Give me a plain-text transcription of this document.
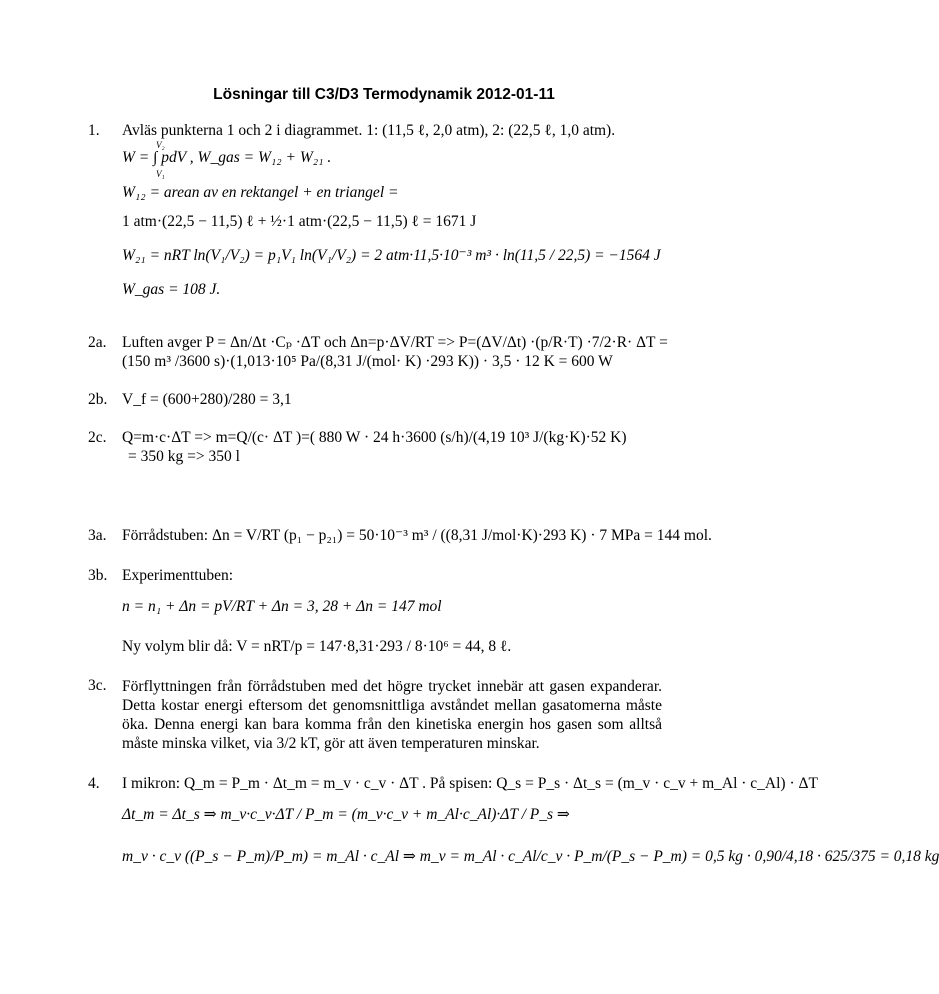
Lösningar till C3/D3 Termodynamik 2012-01-11
1. Avläs punkterna 1 och 2 i diagrammet. 1: (11,5 ℓ, 2,0 atm), 2: (22,5 ℓ, 1,0 atm).
V₂
W = ∫ pdV , W_gas = W₁₂ + W₂₁ .
V₁
W₁₂ = arean av en rektangel + en triangel =
1 atm·(22,5 − 11,5) ℓ + ½·1 atm·(22,5 − 11,5) ℓ = 1671 J
W₂₁ = nRT ln(V₁/V₂) = p₁V₁ ln(V₁/V₂) = 2 atm·11,5·10⁻³ m³ · ln(11,5 / 22,5) = −1564 J
W_gas = 108 J.
2a. Luften avger P = Δn/Δt ·Cₚ ·ΔT och Δn=p·ΔV/RT => P=(ΔV/Δt) ·(p/R·T) ·7/2·R· ΔT =
(150 m³ /3600 s)·(1,013·10⁵ Pa/(8,31 J/(mol· K) ·293 K)) · 3,5 · 12 K = 600 W
2b. V_f = (600+280)/280 = 3,1
2c. Q=m·c·ΔT => m=Q/(c· ΔT )=( 880 W · 24 h·3600 (s/h)/(4,19 10³ J/(kg·K)·52 K)
= 350 kg => 350 l
3a. Förrådstuben: Δn = V/RT (p₁ − p₂₁) = 50·10⁻³ m³ / ((8,31 J/mol·K)·293 K) · 7 MPa = 144 mol.
3b. Experimenttuben:
n = n₁ + Δn = pV/RT + Δn = 3, 28 + Δn = 147 mol
Ny volym blir då: V = nRT/p = 147·8,31·293 / 8·10⁶ = 44, 8 ℓ.
3c. Förflyttningen från förrådstuben med det högre trycket innebär att gasen expanderar. Detta kostar energi eftersom det genomsnittliga avståndet mellan gasatomerna måste öka. Denna energi kan bara komma från den kinetiska energin hos gasen som alltså måste minska vilket, via 3/2 kT, gör att även temperaturen minskar.
4. I mikron: Q_m = P_m · Δt_m = m_v · c_v · ΔT . På spisen: Q_s = P_s · Δt_s = (m_v · c_v + m_Al · c_Al) · ΔT
Δt_m = Δt_s ⇒ m_v·c_v·ΔT / P_m = (m_v·c_v + m_Al·c_Al)·ΔT / P_s ⇒
m_v · c_v ((P_s − P_m)/P_m) = m_Al · c_Al ⇒ m_v = m_Al · c_Al/c_v · P_m/(P_s − P_m) = 0,5 kg · 0,90/4,18 · 625/375 = 0,18 kg
